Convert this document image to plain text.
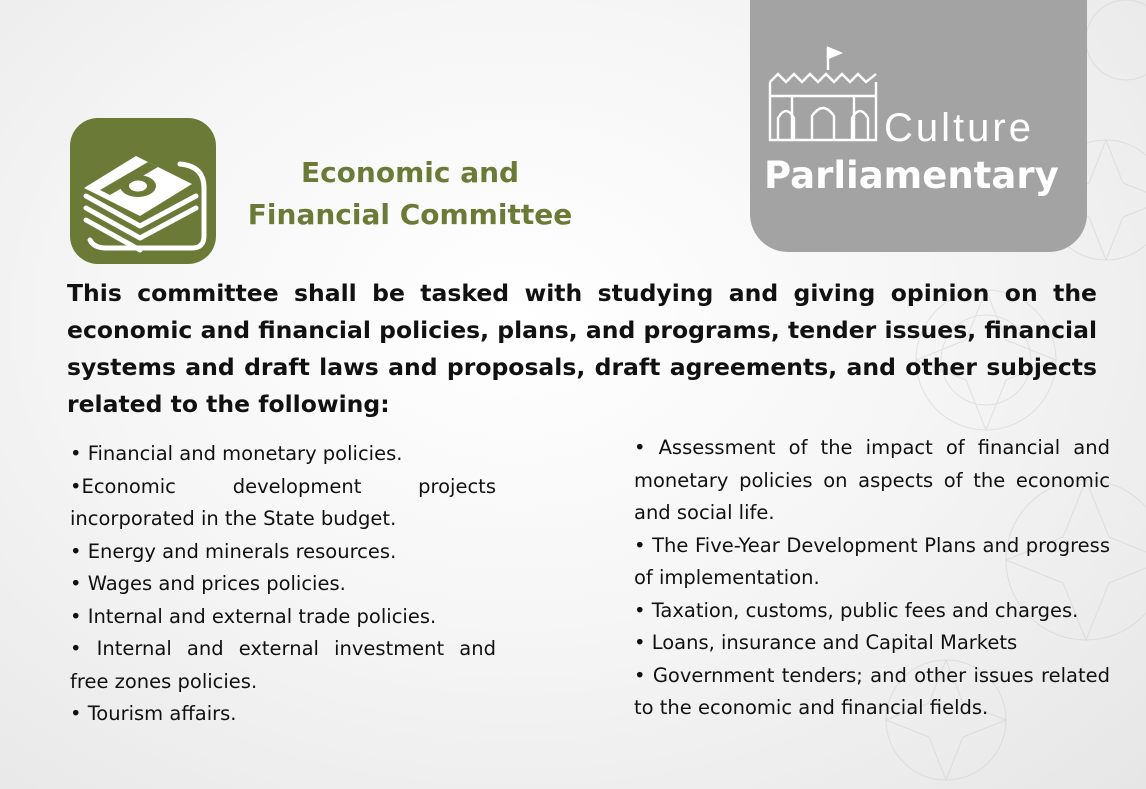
Culture
Parliamentary
Economic and
Financial Committee

This committee shall be tasked with studying and giving opinion on the economic and financial policies, plans, and programs, tender issues, financial systems and draft laws and proposals, draft agreements, and other subjects related to the following:

• Financial and monetary policies.
•Economic development projects incorporated in the State budget.
• Energy and minerals resources.
• Wages and prices policies.
• Internal and external trade policies.
• Internal and external investment and free zones policies.
• Tourism affairs.
• Assessment of the impact of financial and monetary policies on aspects of the economic and social life.
• The Five-Year Development Plans and progress of implementation.
• Taxation, customs, public fees and charges.
• Loans, insurance and Capital Markets
• Government tenders; and other issues related to the economic and financial fields.
